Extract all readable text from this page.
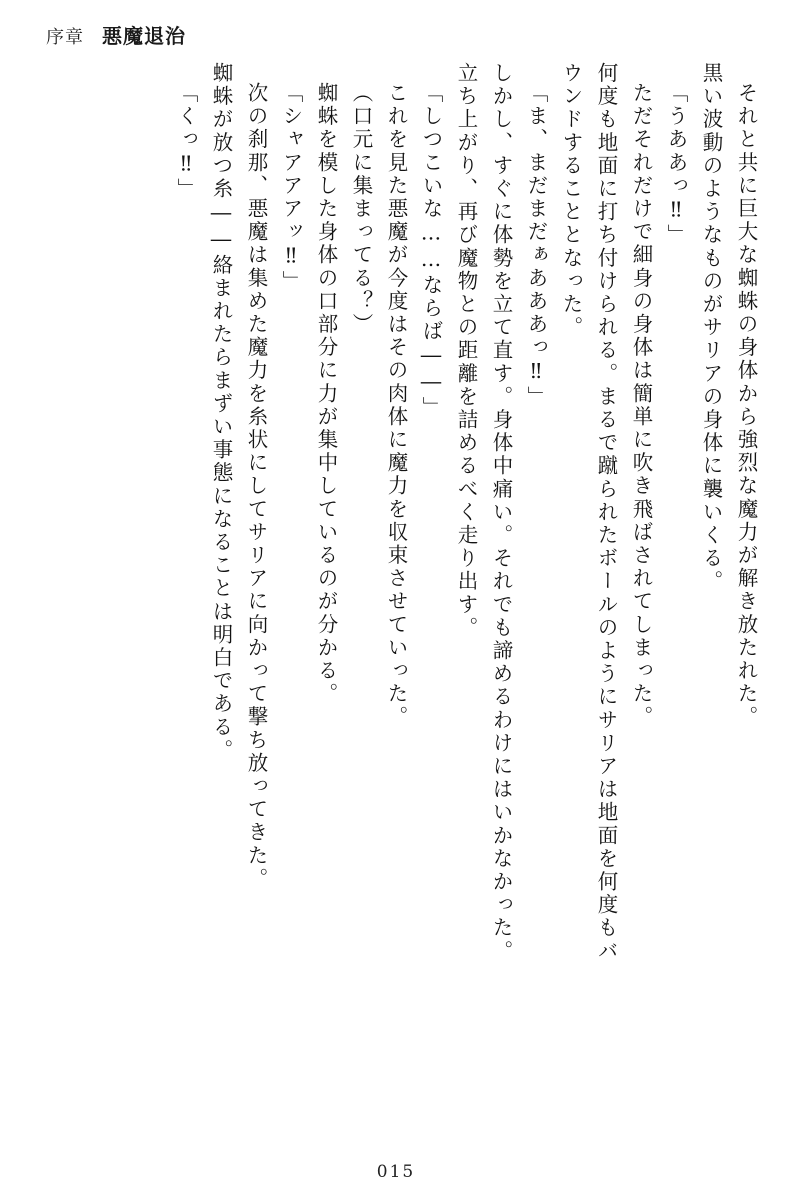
序章 悪魔退治
それと共に巨大な蜘蛛の身体から強烈な魔力が解き放たれた。
黒い波動のようなものがサリアの身体に襲いくる。
「うああっ‼」
ただそれだけで細身の身体は簡単に吹き飛ばされてしまった。
何度も地面に打ち付けられる。まるで蹴られたボールのようにサリアは地面を何度もバ
ウンドすることとなった。
「ま、まだまだぁあああっ‼」
しかし、すぐに体勢を立て直す。身体中痛い。それでも諦めるわけにはいかなかった。
立ち上がり、再び魔物との距離を詰めるべく走り出す。
「しつこいな……ならば――」
これを見た悪魔が今度はその肉体に魔力を収束させていった。
（口元に集まってる？）
蜘蛛を模した身体の口部分に力が集中しているのが分かる。
「シャアアアッ‼」
次の刹那、悪魔は集めた魔力を糸状にしてサリアに向かって撃ち放ってきた。
蜘蛛が放つ糸――絡まれたらまずい事態になることは明白である。
「くっ‼」
015
